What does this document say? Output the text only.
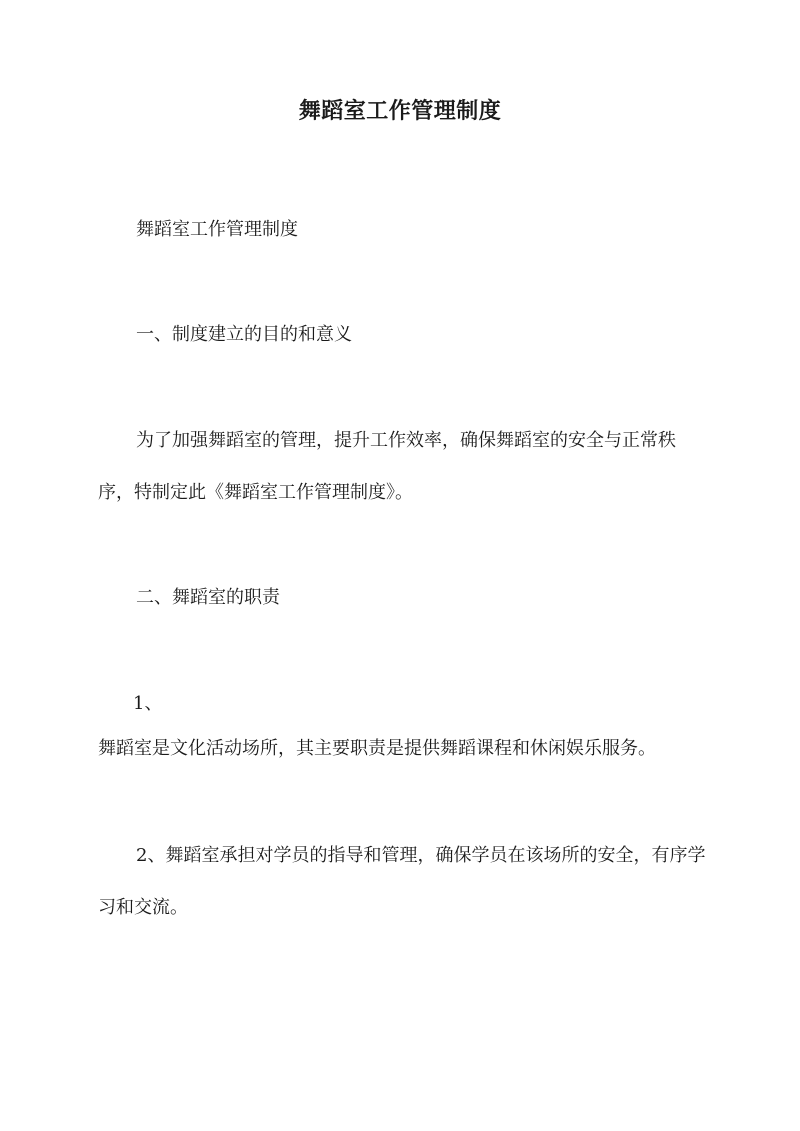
舞蹈室工作管理制度

舞蹈室工作管理制度

一、制度建立的目的和意义

为了加强舞蹈室的管理，提升工作效率，确保舞蹈室的安全与正常秩序，特制定此《舞蹈室工作管理制度》。

二、舞蹈室的职责

1、

舞蹈室是文化活动场所，其主要职责是提供舞蹈课程和休闲娱乐服务。

2、舞蹈室承担对学员的指导和管理，确保学员在该场所的安全，有序学习和交流。
